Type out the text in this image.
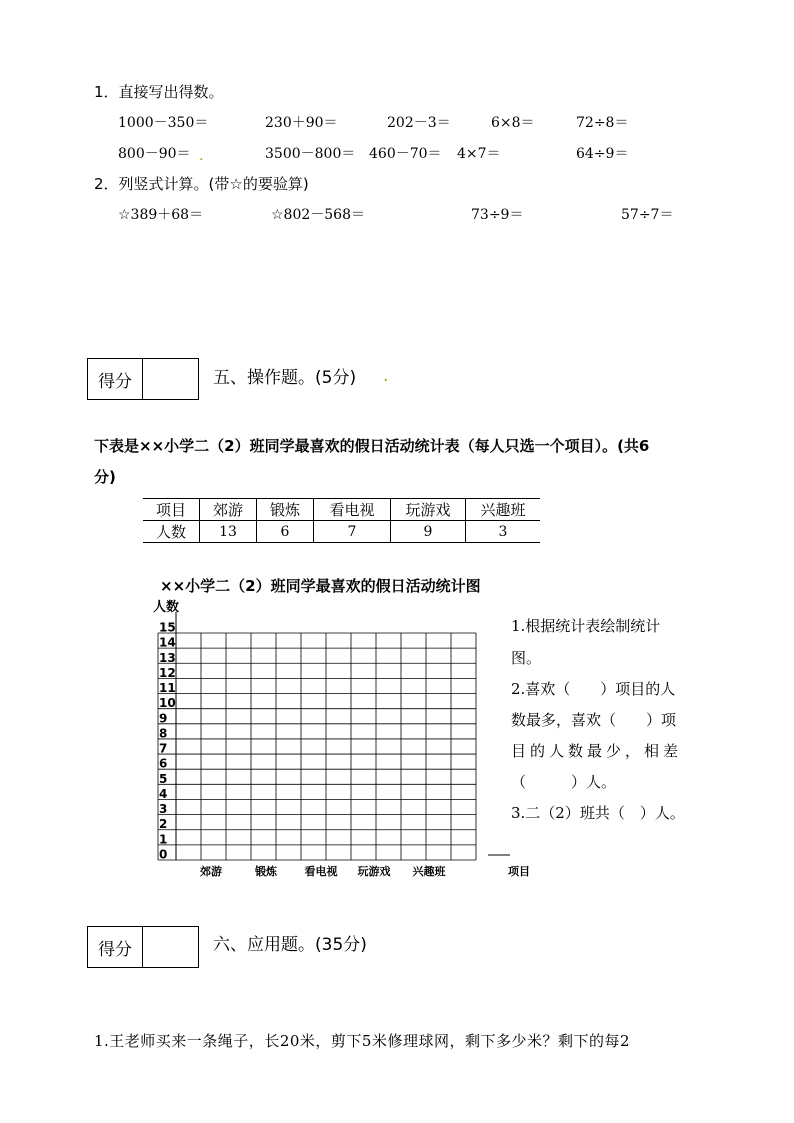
1．直接写出得数。
1000－350＝	230＋90＝	202－3＝	6×8＝	72÷8＝
800－90＝ .	3500－800＝ 460－70＝ 4×7＝	64÷9＝
2．列竖式计算。(带☆的要验算)
☆389＋68＝	☆802－568＝	73÷9＝	57÷7＝
得分	五、操作题。(5分) .
下表是××小学二（2）班同学最喜欢的假日活动统计表（每人只选一个项目）。(共6
分)
项目	郊游	锻炼	看电视	玩游戏	兴趣班
人数	13	6	7	9	3
××小学二（2）班同学最喜欢的假日活动统计图
0
1
2
3
4
5
6
7
8
9
10
11
12
13
14
15
人数
郊游	锻炼	看电视 玩游戏 兴趣班	项目
1.根据统计表绘制统计
图。
2.喜欢（　　）项目的人
数最多，喜欢（　　）项
目的人数最少，相差
（　　　）人。
3.二（2）班共（　）人。
得分	六、应用题。(35分)
1.王老师买来一条绳子，长20米，剪下5米修理球网，剩下多少米？剩下的每2
